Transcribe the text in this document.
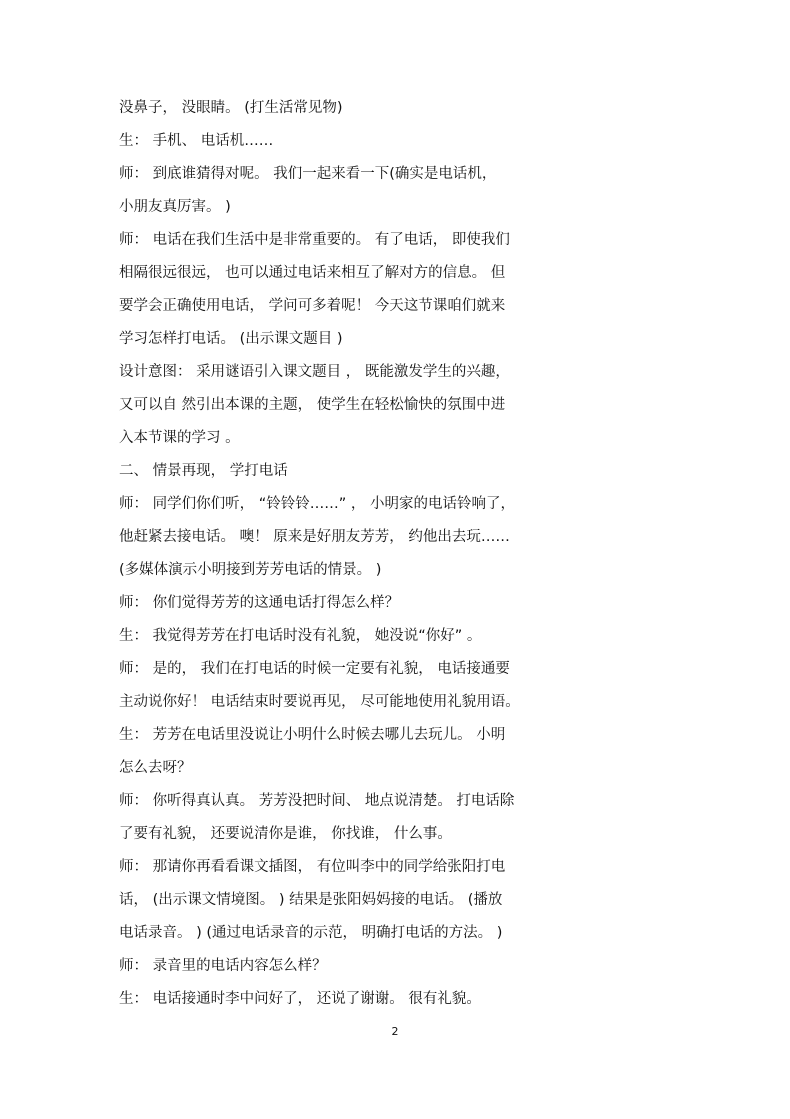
没鼻子， 没眼睛。 (打生活常见物)
生： 手机、 电话机……
师： 到底谁猜得对呢。 我们一起来看一下(确实是电话机，
小朋友真厉害。 )
师： 电话在我们生活中是非常重要的。 有了电话， 即使我们
相隔很远很远， 也可以通过电话来相互了解对方的信息。 但
要学会正确使用电话， 学问可多着呢！ 今天这节课咱们就来
学习怎样打电话。 (出示课文题目 )
设计意图： 采用谜语引入课文题目 ， 既能激发学生的兴趣，
又可以自 然引出本课的主题， 使学生在轻松愉快的氛围中进
入本节课的学习 。
二、 情景再现， 学打电话
师： 同学们你们听， “铃铃铃……” ， 小明家的电话铃响了，
他赶紧去接电话。 噢！ 原来是好朋友芳芳， 约他出去玩……
(多媒体演示小明接到芳芳电话的情景。 )
师： 你们觉得芳芳的这通电话打得怎么样？
生： 我觉得芳芳在打电话时没有礼貌， 她没说“你好” 。
师： 是的， 我们在打电话的时候一定要有礼貌， 电话接通要
主动说你好！ 电话结束时要说再见， 尽可能地使用礼貌用语。
生： 芳芳在电话里没说让小明什么时候去哪儿去玩儿。 小明
怎么去呀？
师： 你听得真认真。 芳芳没把时间、 地点说清楚。 打电话除
了要有礼貌， 还要说清你是谁， 你找谁， 什么事。
师： 那请你再看看课文插图， 有位叫李中的同学给张阳打电
话， (出示课文情境图。 ) 结果是张阳妈妈接的电话。 (播放
电话录音。 ) (通过电话录音的示范， 明确打电话的方法。 )
师： 录音里的电话内容怎么样？
生： 电话接通时李中问好了， 还说了谢谢。 很有礼貌。
2
